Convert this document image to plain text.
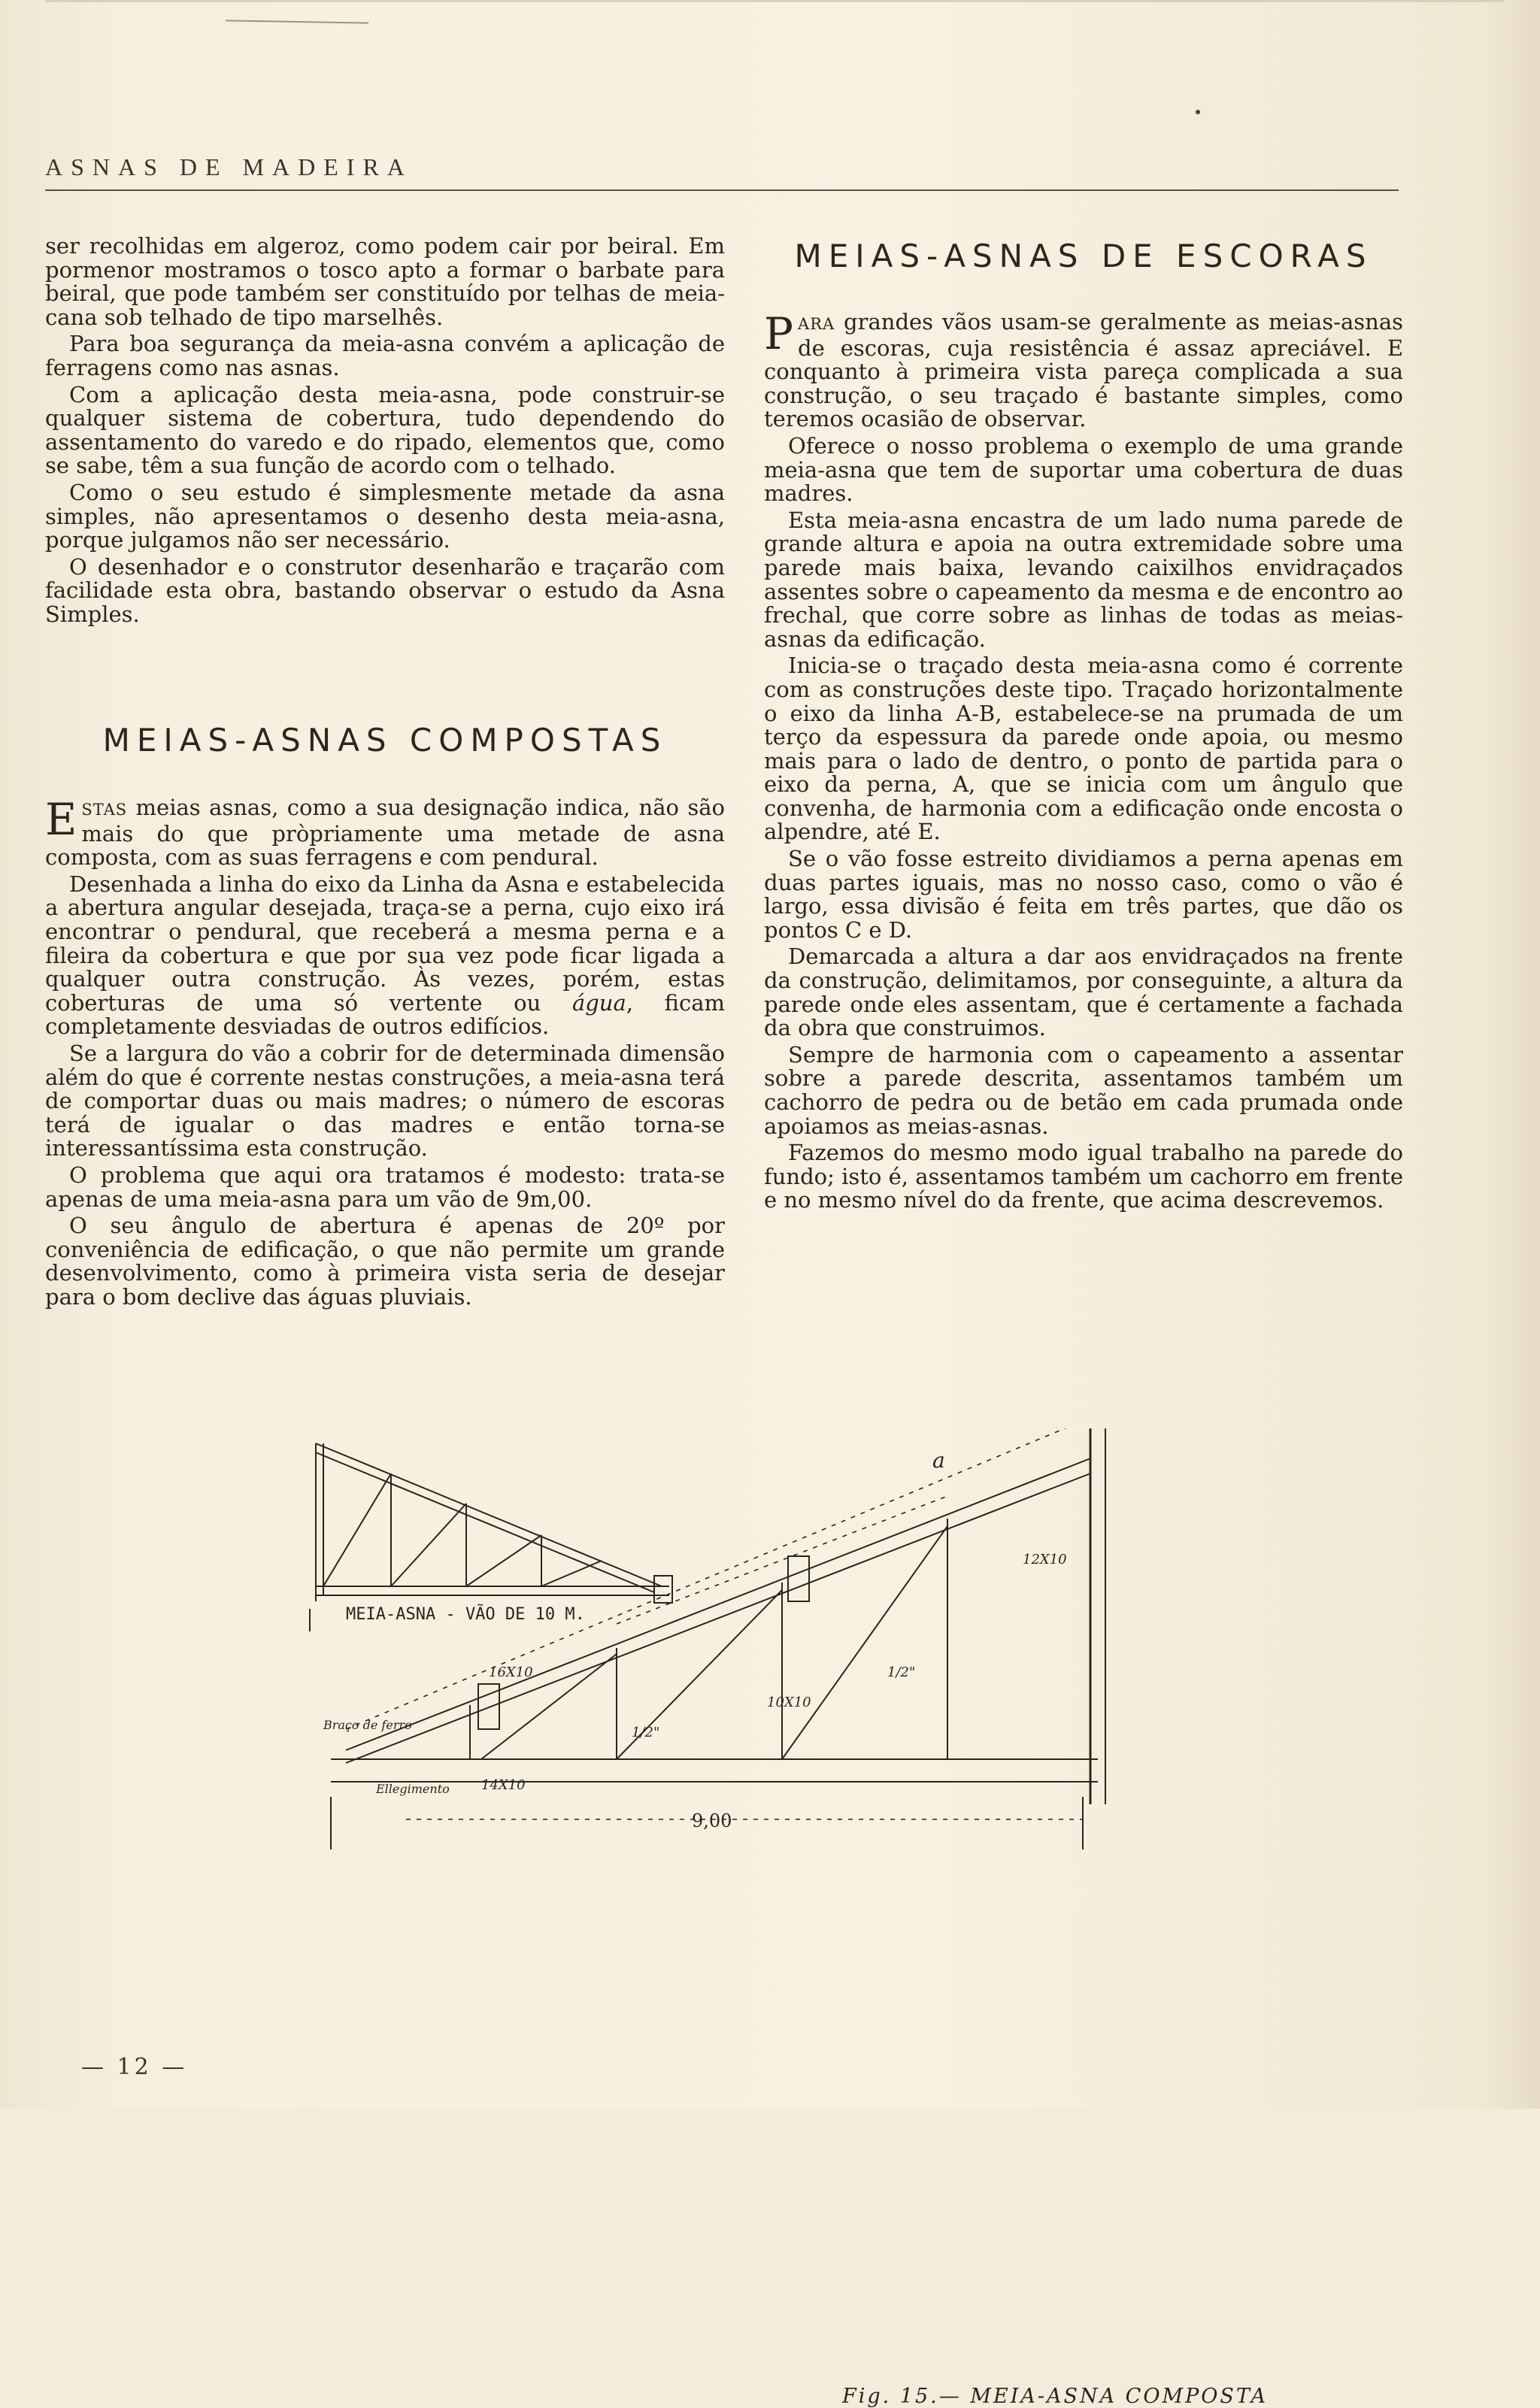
ASNAS DE MADEIRA

ser recolhidas em algeroz, como podem cair por beiral. Em pormenor mostramos o tosco apto a formar o barbate para beiral, que pode também ser constituído por telhas de meia-cana sob telhado de tipo marselhês.

Para boa segurança da meia-asna convém a aplicação de ferragens como nas asnas.

Com a aplicação desta meia-asna, pode construir-se qualquer sistema de cobertura, tudo dependendo do assentamento do varedo e do ripado, elementos que, como se sabe, têm a sua função de acordo com o telhado.

Como o seu estudo é simplesmente metade da asna simples, não apresentamos o desenho desta meia-asna, porque julgamos não ser necessário.

O desenhador e o construtor desenharão e traçarão com facilidade esta obra, bastando observar o estudo da Asna Simples.

MEIAS-ASNAS COMPOSTAS

ESTAS meias asnas, como a sua designação indica, não são mais do que pròpriamente uma metade de asna composta, com as suas ferragens e com pendural.

Desenhada a linha do eixo da Linha da Asna e estabelecida a abertura angular desejada, traça-se a perna, cujo eixo irá encontrar o pendural, que receberá a mesma perna e a fileira da cobertura e que por sua vez pode ficar ligada a qualquer outra construção. Às vezes, porém, estas coberturas de uma só vertente ou água, ficam completamente desviadas de outros edifícios.

Se a largura do vão a cobrir for de determinada dimensão além do que é corrente nestas construções, a meia-asna terá de comportar duas ou mais madres; o número de escoras terá de igualar o das madres e então torna-se interessantíssima esta construção.

O problema que aqui ora tratamos é modesto: trata-se apenas de uma meia-asna para um vão de 9m,00.

O seu ângulo de abertura é apenas de 20º por conveniência de edificação, o que não permite um grande desenvolvimento, como à primeira vista seria de desejar para o bom declive das águas pluviais.

MEIAS-ASNAS DE ESCORAS

PARA grandes vãos usam-se geralmente as meias-asnas de escoras, cuja resistência é assaz apreciável. E conquanto à primeira vista pareça complicada a sua construção, o seu traçado é bastante simples, como teremos ocasião de observar.

Oferece o nosso problema o exemplo de uma grande meia-asna que tem de suportar uma cobertura de duas madres.

Esta meia-asna encastra de um lado numa parede de grande altura e apoia na outra extremidade sobre uma parede mais baixa, levando caixilhos envidraçados assentes sobre o capeamento da mesma e de encontro ao frechal, que corre sobre as linhas de todas as meias-asnas da edificação.

Inicia-se o traçado desta meia-asna como é corrente com as construções deste tipo. Traçado horizontalmente o eixo da linha A-B, estabelece-se na prumada de um terço da espessura da parede onde apoia, ou mesmo mais para o lado de dentro, o ponto de partida para o eixo da perna, A, que se inicia com um ângulo que convenha, de harmonia com a edificação onde encosta o alpendre, até E.

Se o vão fosse estreito dividiamos a perna apenas em duas partes iguais, mas no nosso caso, como o vão é largo, essa divisão é feita em três partes, que dão os pontos C e D.

Demarcada a altura a dar aos envidraçados na frente da construção, delimitamos, por conseguinte, a altura da parede onde eles assentam, que é certamente a fachada da obra que construimos.

Sempre de harmonia com o capeamento a assentar sobre a parede descrita, assentamos também um cachorro de pedra ou de betão em cada prumada onde apoiamos as meias-asnas.

Fazemos do mesmo modo igual trabalho na parede do fundo; isto é, assentamos também um cachorro em frente e no mesmo nível do da frente, que acima descrevemos.

MEIA-ASNA - VÃO DE 10 M.
9,00
a
16X10
12X10
10X10
14X10
1/2"
1/2"
Braço de ferro
Ellegimento
Fig. 15.— MEIA-ASNA COMPOSTA
— 12 —
